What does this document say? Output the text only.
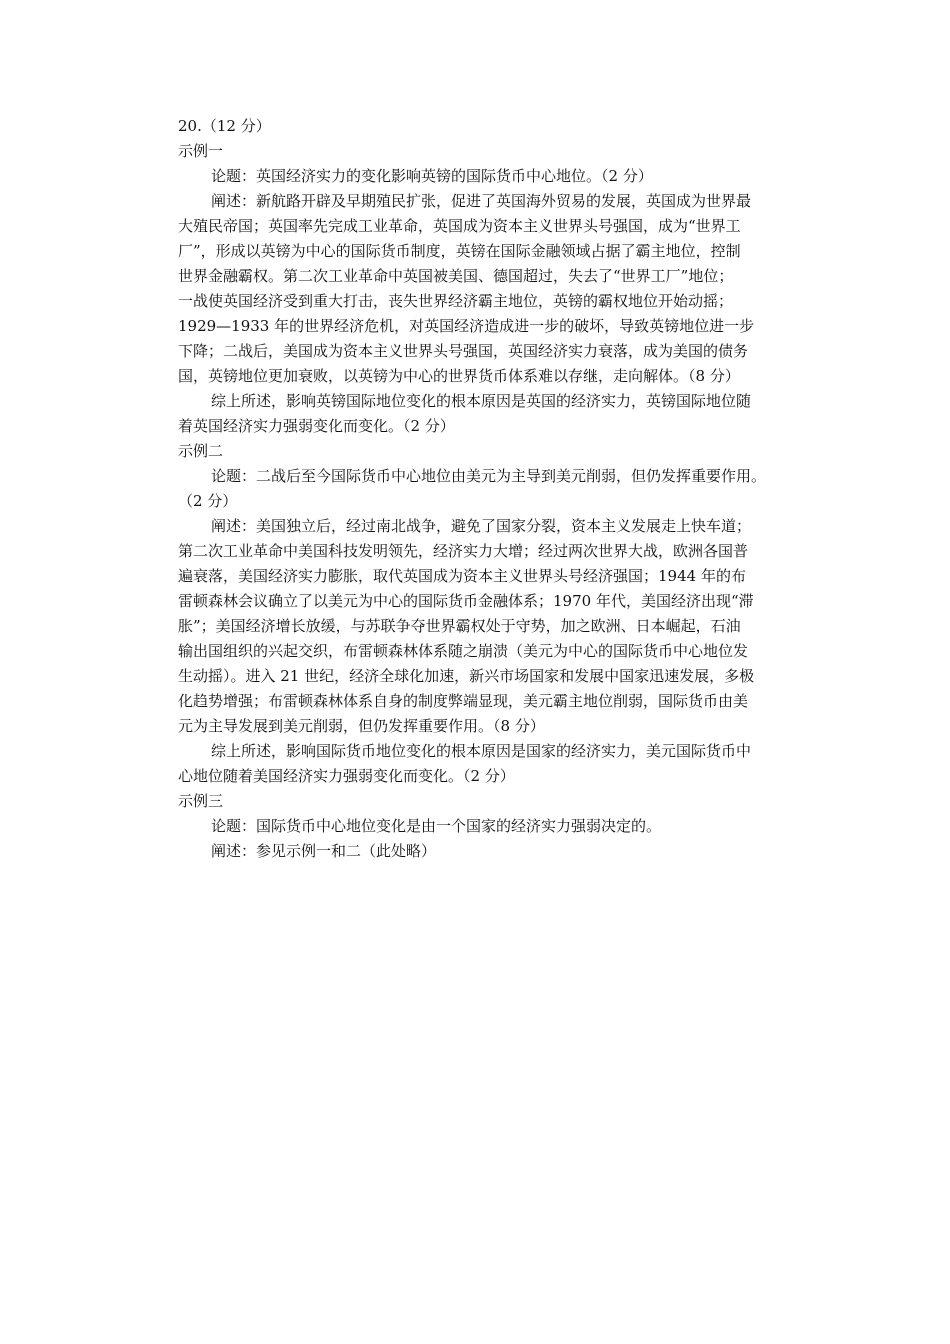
20.（12 分）

示例一

论题：英国经济实力的变化影响英镑的国际货币中心地位。（2 分）

阐述：新航路开辟及早期殖民扩张，促进了英国海外贸易的发展，英国成为世界最

大殖民帝国；英国率先完成工业革命，英国成为资本主义世界头号强国，成为“世界工

厂”，形成以英镑为中心的国际货币制度，英镑在国际金融领域占据了霸主地位，控制

世界金融霸权。第二次工业革命中英国被美国、德国超过，失去了“世界工厂”地位；

一战使英国经济受到重大打击，丧失世界经济霸主地位，英镑的霸权地位开始动摇；

1929—1933 年的世界经济危机，对英国经济造成进一步的破坏，导致英镑地位进一步

下降；二战后，美国成为资本主义世界头号强国，英国经济实力衰落，成为美国的债务

国，英镑地位更加衰败，以英镑为中心的世界货币体系难以存继，走向解体。（8 分）

综上所述，影响英镑国际地位变化的根本原因是英国的经济实力，英镑国际地位随

着英国经济实力强弱变化而变化。（2 分）

示例二

论题：二战后至今国际货币中心地位由美元为主导到美元削弱，但仍发挥重要作用。

（2 分）

阐述：美国独立后，经过南北战争，避免了国家分裂，资本主义发展走上快车道；

第二次工业革命中美国科技发明领先，经济实力大增；经过两次世界大战，欧洲各国普

遍衰落，美国经济实力膨胀，取代英国成为资本主义世界头号经济强国；1944 年的布

雷顿森林会议确立了以美元为中心的国际货币金融体系；1970 年代，美国经济出现“滞

胀”；美国经济增长放缓，与苏联争夺世界霸权处于守势，加之欧洲、日本崛起，石油

输出国组织的兴起交织，布雷顿森林体系随之崩溃（美元为中心的国际货币中心地位发

生动摇）。进入 21 世纪，经济全球化加速，新兴市场国家和发展中国家迅速发展，多极

化趋势增强；布雷顿森林体系自身的制度弊端显现，美元霸主地位削弱，国际货币由美

元为主导发展到美元削弱，但仍发挥重要作用。（8 分）

综上所述，影响国际货币地位变化的根本原因是国家的经济实力，美元国际货币中

心地位随着美国经济实力强弱变化而变化。（2 分）

示例三

论题：国际货币中心地位变化是由一个国家的经济实力强弱决定的。

阐述：参见示例一和二（此处略）
